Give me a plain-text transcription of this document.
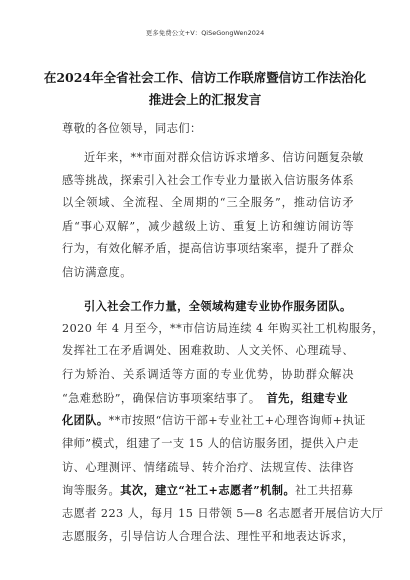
更多免费公文+V：QiSeGongWen2024
在2024年全省社会工作、信访工作联席暨信访工作法治化
推进会上的汇报发言
尊敬的各位领导，同志们：
近年来，**市面对群众信访诉求增多、信访问题复杂敏
感等挑战，探索引入社会工作专业力量嵌入信访服务体系
以全领域、全流程、全周期的“三全服务”，推动信访矛
盾“事心双解”，减少越级上访、重复上访和缠访闹访等
行为，有效化解矛盾，提高信访事项结案率，提升了群众
信访满意度。
引入社会工作力量，全领域构建专业协作服务团队。
2020 年 4 月至今，**市信访局连续 4 年购买社工机构服务，
发挥社工在矛盾调处、困难救助、人文关怀、心理疏导、
行为矫治、关系调适等方面的专业优势，协助群众解决
“急难愁盼”，确保信访事项案结事了。 首先，组建专业
化团队。**市按照“信访干部+专业社工+心理咨询师+执证
律师”模式，组建了一支 15 人的信访服务团，提供入户走
访、心理测评、情绪疏导、转介治疗、法规宣传、法律咨
询等服务。其次，建立“社工+志愿者”机制。社工共招募
志愿者 223 人，每月 15 日带领 5—8 名志愿者开展信访大厅
志愿服务，引导信访人合理合法、理性平和地表达诉求，
